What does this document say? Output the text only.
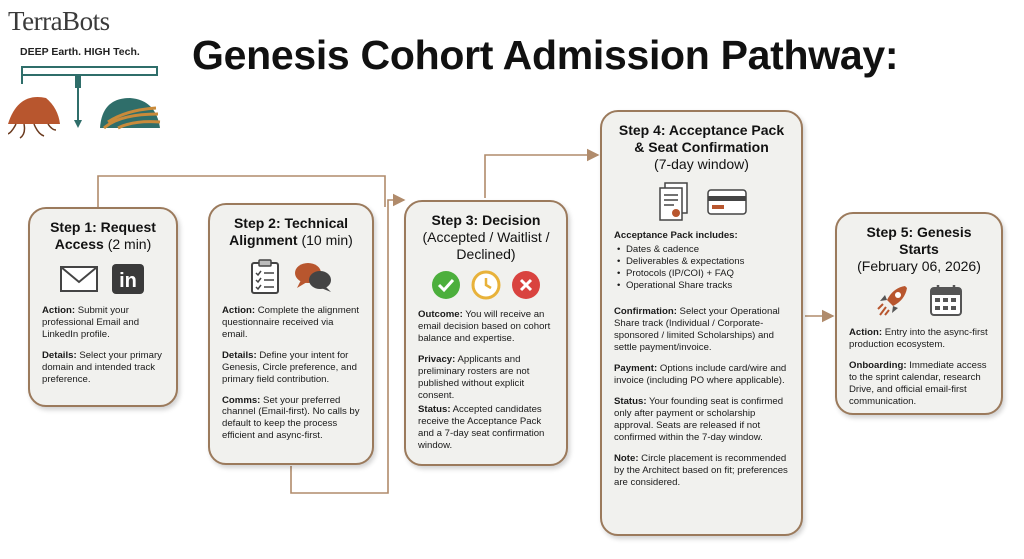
TerraBots
DEEP Earth. HIGH Tech. Genesis Cohort Admission Pathway:
Step 1: Request Access (2 min)
in
Action: Submit your professional Email and LinkedIn profile.
Details: Select your primary domain and intended track preference.
Step 2: Technical Alignment (10 min)
Action: Complete the alignment questionnaire received via email.
Details: Define your intent for Genesis, Circle preference, and primary field contribution.
Comms: Set your preferred channel (Email-first). No calls by default to keep the process efficient and async-first.
Step 3: Decision
(Accepted / Waitlist / Declined)
Outcome: You will receive an email decision based on cohort balance and expertise.
Privacy: Applicants and preliminary rosters are not published without explicit consent.
Status: Accepted candidates receive the Acceptance Pack and a 7-day seat confirmation window.
Step 4: Acceptance Pack & Seat Confirmation
(7-day window)
Acceptance Pack includes:
• Dates & cadence
• Deliverables & expectations
• Protocols (IP/COI) + FAQ
• Operational Share tracks
Confirmation: Select your Operational Share track (Individual / Corporate-sponsored / limited Scholarships) and settle payment/invoice.
Payment: Options include card/wire and invoice (including PO where applicable).
Status: Your founding seat is confirmed only after payment or scholarship approval. Seats are released if not confirmed within the 7-day window.
Note: Circle placement is recommended by the Architect based on fit; preferences are considered.
Step 5: Genesis Starts
(February 06, 2026)
Action: Entry into the async-first production ecosystem.
Onboarding: Immediate access to the sprint calendar, research Drive, and official email-first communication.
